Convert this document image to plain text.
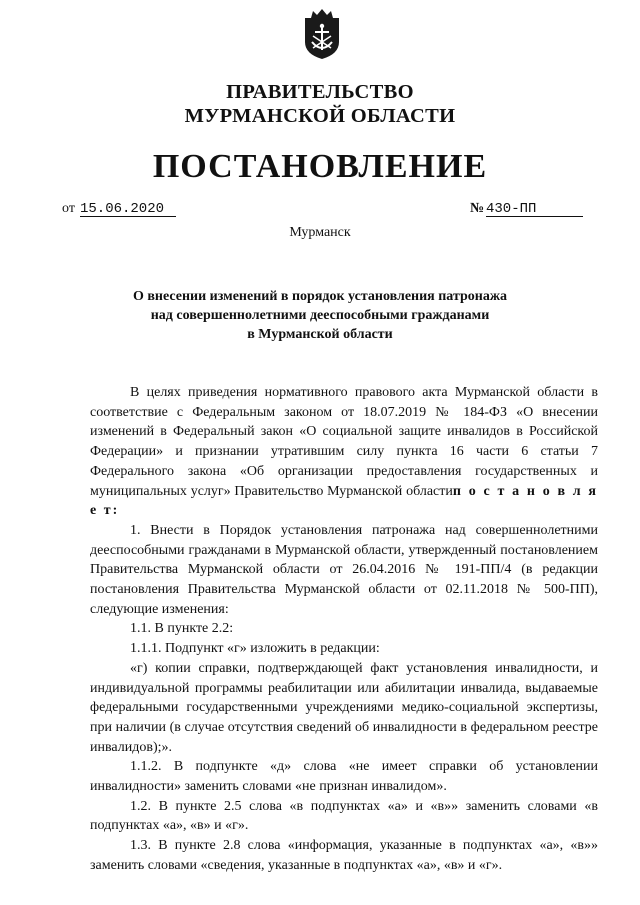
ПРАВИТЕЛЬСТВО
МУРМАНСКОЙ ОБЛАСТИ
ПОСТАНОВЛЕНИЕ
от 15.06.2020	№ 430-ПП
Мурманск
О внесении изменений в порядок установления патронажа
над совершеннолетними дееспособными гражданами
в Мурманской области

В целях приведения нормативного правового акта Мурманской области в соответствие с Федеральным законом от 18.07.2019 № 184-ФЗ «О внесении изменений в Федеральный закон «О социальной защите инвалидов в Российской Федерации» и признании утратившим силу пункта 16 части 6 статьи 7 Федерального закона «Об организации предоставления государственных и муниципальных услуг» Правительство Мурманской областип о с т а н о в л я е т:

1. Внести в Порядок установления патронажа над совершеннолетними дееспособными гражданами в Мурманской области, утвержденный постановлением Правительства Мурманской области от 26.04.2016 № 191-ПП/4 (в редакции постановления Правительства Мурманской области от 02.11.2018 № 500-ПП), следующие изменения:

1.1. В пункте 2.2:

1.1.1. Подпункт «г» изложить в редакции:

«г) копии справки, подтверждающей факт установления инвалидности, и индивидуальной программы реабилитации или абилитации инвалида, выдаваемые федеральными государственными учреждениями медико-социальной экспертизы, при наличии (в случае отсутствия сведений об инвалидности в федеральном реестре инвалидов);».

1.1.2. В подпункте «д» слова «не имеет справки об установлении инвалидности» заменить словами «не признан инвалидом».

1.2. В пункте 2.5 слова «в подпунктах «а» и «в»» заменить словами «в подпунктах «а», «в» и «г».

1.3. В пункте 2.8 слова «информация, указанные в подпунктах «а», «в»» заменить словами «сведения, указанные в подпунктах «а», «в» и «г».
